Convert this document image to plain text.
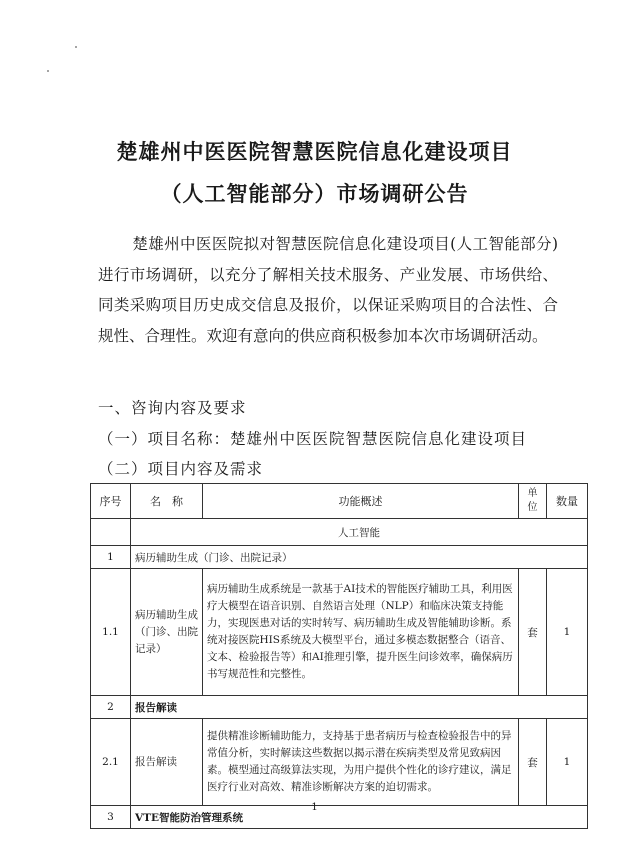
楚雄州中医医院智慧医院信息化建设项目
（人工智能部分）市场调研公告
楚雄州中医医院拟对智慧医院信息化建设项目(人工智能部分)进行市场调研，以充分了解相关技术服务、产业发展、市场供给、同类采购项目历史成交信息及报价，以保证采购项目的合法性、合规性、合理性。欢迎有意向的供应商积极参加本次市场调研活动。
一、咨询内容及要求
（一）项目名称：楚雄州中医医院智慧医院信息化建设项目
（二）项目内容及需求
序号	名　称	功能概述	单位	数量
	人工智能			
1	病历辅助生成（门诊、出院记录）			
1.1	病历辅助生成（门诊、出院记录）	病历辅助生成系统是一款基于AI技术的智能医疗辅助工具，利用医疗大模型在语音识别、自然语言处理（NLP）和临床决策支持能力，实现医患对话的实时转写、病历辅助生成及智能辅助诊断。系统对接医院HIS系统及大模型平台，通过多模态数据整合（语音、文本、检验报告等）和AI推理引擎，提升医生问诊效率，确保病历书写规范性和完整性。	套	1
2	报告解读			
2.1	报告解读	提供精准诊断辅助能力，支持基于患者病历与检查检验报告中的异常值分析，实时解读这些数据以揭示潜在疾病类型及常见致病因素。模型通过高级算法实现，为用户提供个性化的诊疗建议，满足医疗行业对高效、精准诊断解决方案的迫切需求。	套	1
3	VTE智能防治管理系统			
1
